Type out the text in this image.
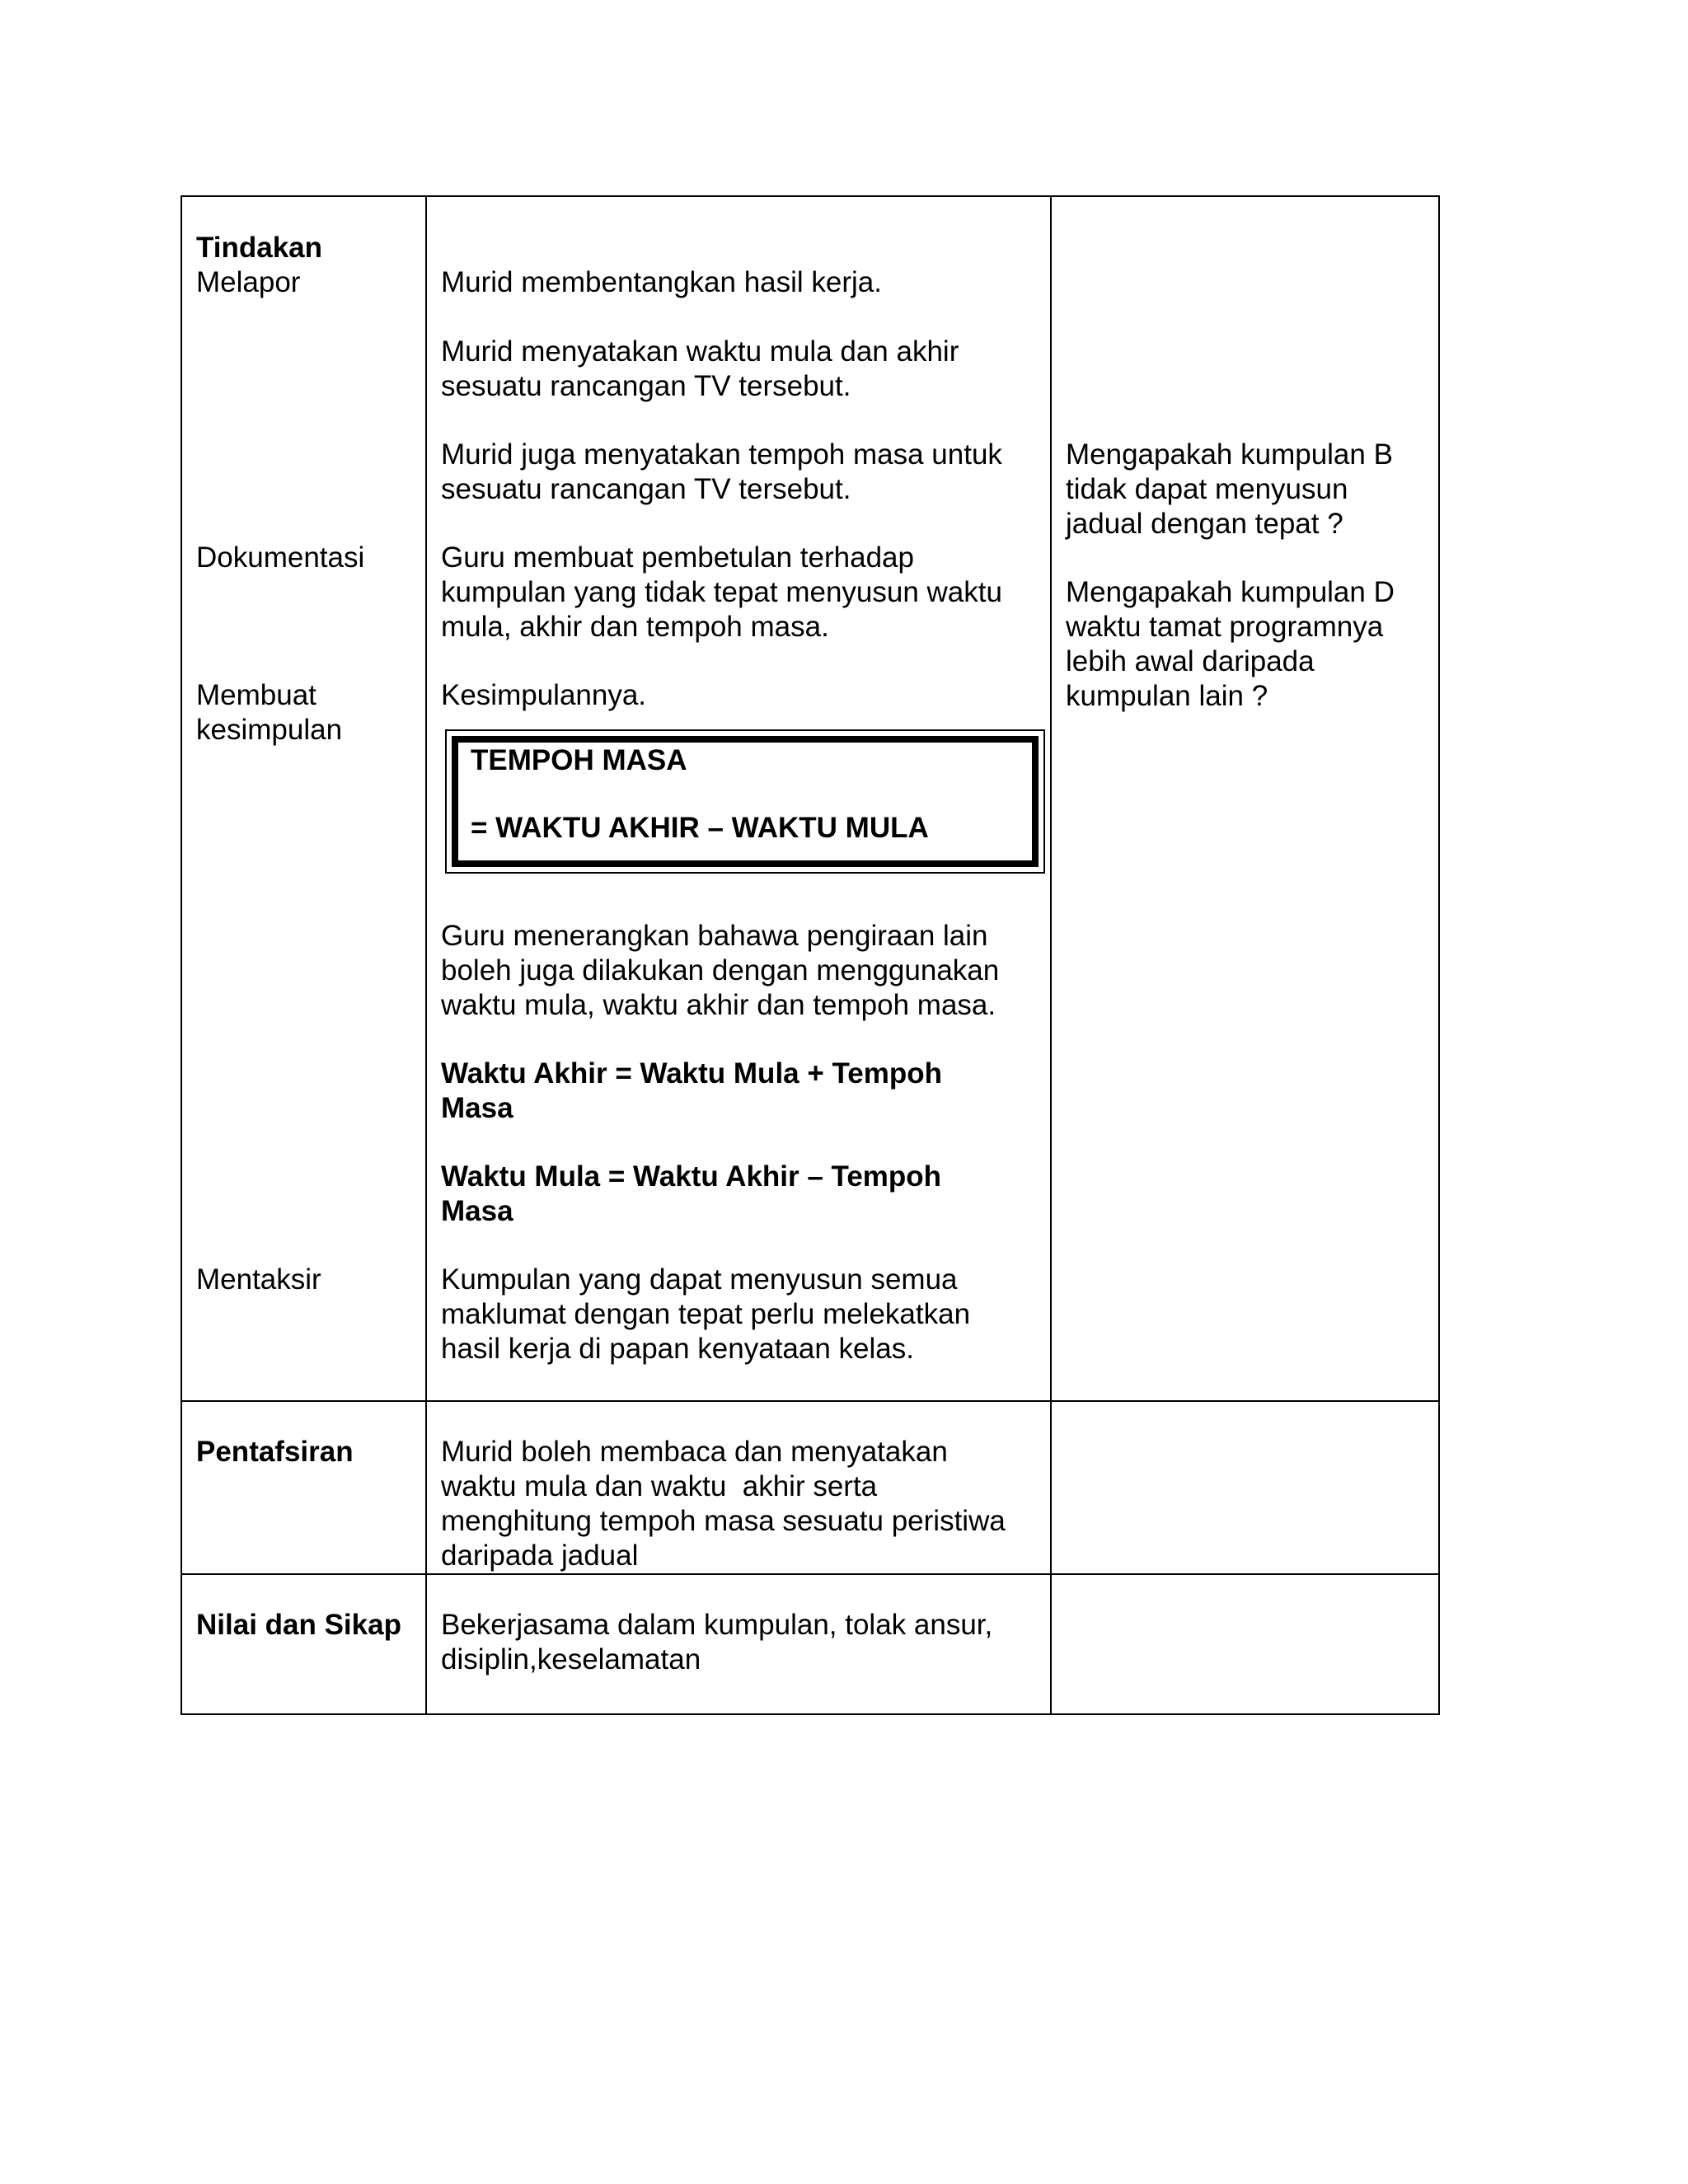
Tindakan

Melapor

Dokumentasi

Membuat
kesimpulan

Mentaksir

Murid membentangkan hasil kerja.

Murid menyatakan waktu mula dan akhir
sesuatu rancangan TV tersebut.

Murid juga menyatakan tempoh masa untuk
sesuatu rancangan TV tersebut.

Guru membuat pembetulan terhadap
kumpulan yang tidak tepat menyusun waktu
mula, akhir dan tempoh masa.

Kesimpulannya.

TEMPOH MASA

= WAKTU AKHIR – WAKTU MULA

Guru menerangkan bahawa pengiraan lain
boleh juga dilakukan dengan menggunakan
waktu mula, waktu akhir dan tempoh masa.

Waktu Akhir = Waktu Mula + Tempoh
Masa

Waktu Mula = Waktu Akhir – Tempoh
Masa

Kumpulan yang dapat menyusun semua
maklumat dengan tepat perlu melekatkan
hasil kerja di papan kenyataan kelas.

Mengapakah kumpulan B
tidak dapat menyusun
jadual dengan tepat ?

Mengapakah kumpulan D
waktu tamat programnya
lebih awal daripada
kumpulan lain ?

Pentafsiran	Murid boleh membaca dan menyatakan
waktu mula dan waktu  akhir serta
menghitung tempoh masa sesuatu peristiwa
daripada jadual

Nilai dan Sikap Bekerjasama dalam kumpulan, tolak ansur,
disiplin,keselamatan
